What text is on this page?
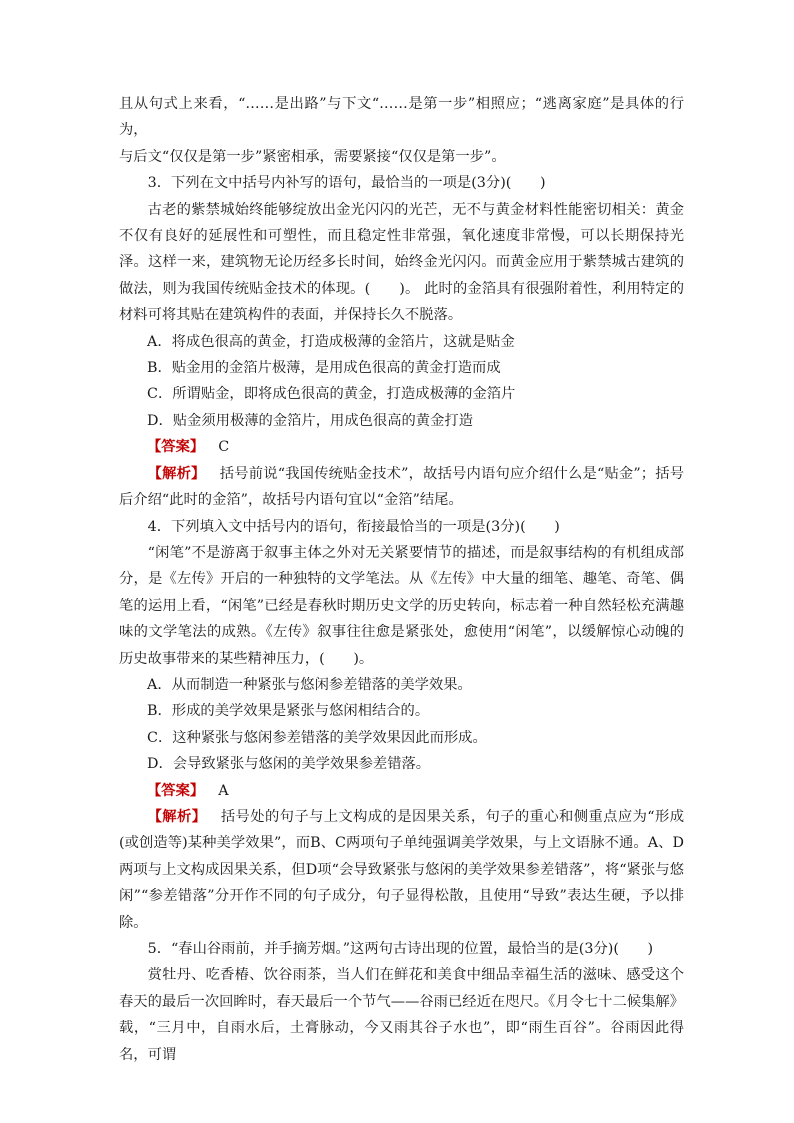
且从句式上来看，“……是出路”与下文“……是第一步”相照应；“逃离家庭”是具体的行为，

与后文“仅仅是第一步”紧密相承，需要紧接“仅仅是第一步”。

3．下列在文中括号内补写的语句，最恰当的一项是(3分)(　　)

古老的紫禁城始终能够绽放出金光闪闪的光芒，无不与黄金材料性能密切相关：黄金不仅有良好的延展性和可塑性，而且稳定性非常强，氧化速度非常慢，可以长期保持光泽。这样一来，建筑物无论历经多长时间，始终金光闪闪。而黄金应用于紫禁城古建筑的做法，则为我国传统贴金技术的体现。(　　)。 此时的金箔具有很强附着性，利用特定的材料可将其贴在建筑构件的表面，并保持长久不脱落。

A．将成色很高的黄金，打造成极薄的金箔片，这就是贴金

B．贴金用的金箔片极薄，是用成色很高的黄金打造而成

C．所谓贴金，即将成色很高的黄金，打造成极薄的金箔片

D．贴金须用极薄的金箔片，用成色很高的黄金打造

【答案】 C

【解析】 括号前说“我国传统贴金技术”，故括号内语句应介绍什么是“贴金”；括号后介绍“此时的金箔”，故括号内语句宜以“金箔”结尾。

4．下列填入文中括号内的语句，衔接最恰当的一项是(3分)(　　)

“闲笔”不是游离于叙事主体之外对无关紧要情节的描述，而是叙事结构的有机组成部分，是《左传》开启的一种独特的文学笔法。从《左传》中大量的细笔、趣笔、奇笔、偶笔的运用上看，“闲笔”已经是春秋时期历史文学的历史转向，标志着一种自然轻松充满趣味的文学笔法的成熟。《左传》叙事往往愈是紧张处，愈使用“闲笔”，以缓解惊心动魄的历史故事带来的某些精神压力，(　　)。

A．从而制造一种紧张与悠闲参差错落的美学效果。

B．形成的美学效果是紧张与悠闲相结合的。

C．这种紧张与悠闲参差错落的美学效果因此而形成。

D．会导致紧张与悠闲的美学效果参差错落。

【答案】 A

【解析】 括号处的句子与上文构成的是因果关系，句子的重心和侧重点应为“形成(或创造等)某种美学效果”，而B、C两项句子单纯强调美学效果，与上文语脉不通。A、D两项与上文构成因果关系，但D项“会导致紧张与悠闲的美学效果参差错落”，将“紧张与悠闲”“参差错落”分开作不同的句子成分，句子显得松散，且使用“导致”表达生硬，予以排除。

5．“春山谷雨前，并手摘芳烟。”这两句古诗出现的位置，最恰当的是(3分)(　　)

赏牡丹、吃香椿、饮谷雨茶，当人们在鲜花和美食中细品幸福生活的滋味、感受这个春天的最后一次回眸时，春天最后一个节气——谷雨已经近在咫尺。《月令七十二候集解》载，“三月中，自雨水后，土膏脉动，今又雨其谷子水也”，即“雨生百谷”。谷雨因此得名，可谓
